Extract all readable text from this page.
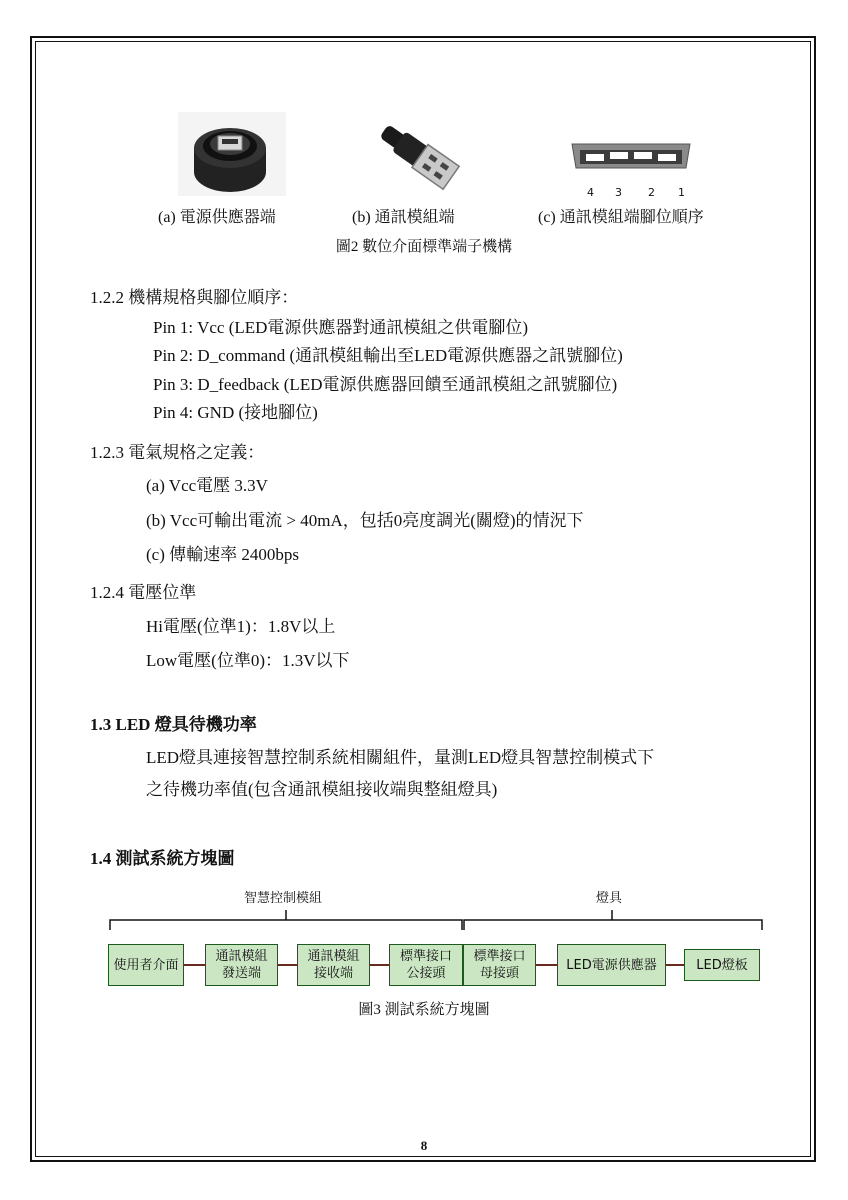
4 3 2 1
(a) 電源供應器端	(b) 通訊模組端	(c) 通訊模組端腳位順序
圖2 數位介面標準端子機構
1.2.2 機構規格與腳位順序：
Pin 1: Vcc (LED電源供應器對通訊模組之供電腳位)
Pin 2: D_command (通訊模組輸出至LED電源供應器之訊號腳位)
Pin 3: D_feedback (LED電源供應器回饋至通訊模組之訊號腳位)
Pin 4: GND (接地腳位)
1.2.3 電氣規格之定義：
(a) Vcc電壓 3.3V
(b) Vcc可輸出電流 > 40mA，包括0亮度調光(關燈)的情況下
(c) 傳輸速率 2400bps
1.2.4 電壓位準
Hi電壓(位準1)：1.8V以上
Low電壓(位準0)：1.3V以下
1.3 LED 燈具待機功率
LED燈具連接智慧控制系統相關組件，量測LED燈具智慧控制模式下
之待機功率值(包含通訊模組接收端與整組燈具)
1.4 測試系統方塊圖
智慧控制模組	燈具
使用者介面
通訊模組
發送端
通訊模組
接收端
標準接口
公接頭
標準接口
母接頭
LED電源供應器	LED燈板
圖3 測試系統方塊圖
8
